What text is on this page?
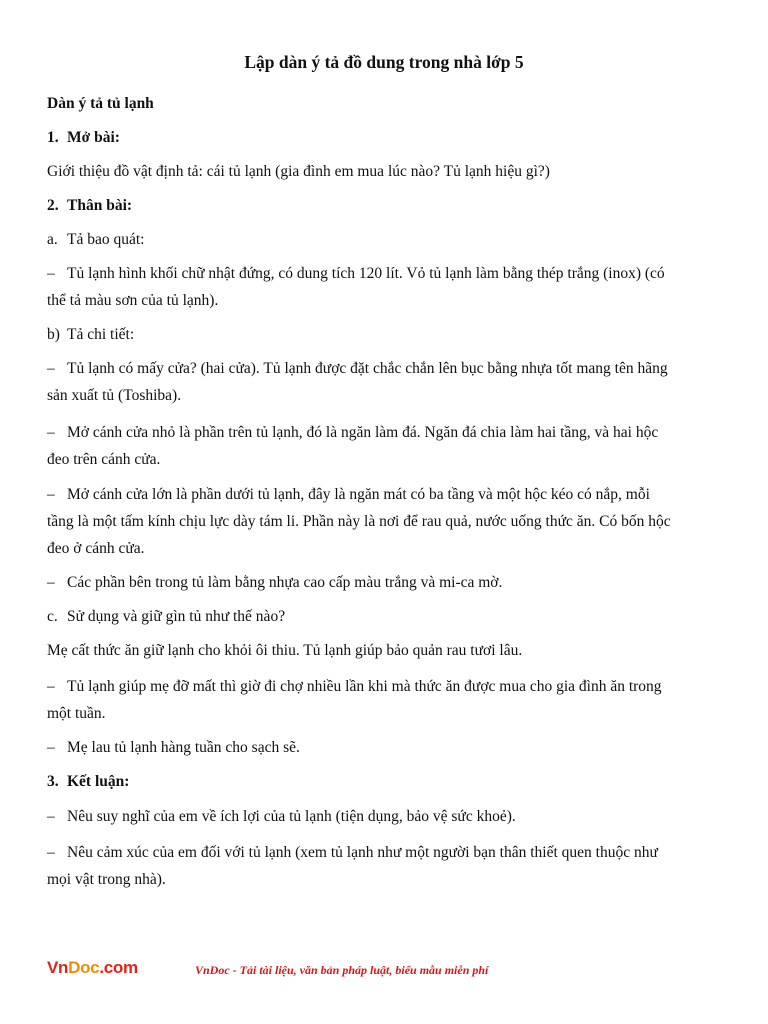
Lập dàn ý tả đồ dung trong nhà lớp 5

Dàn ý tả tủ lạnh

1. Mở bài:

Giới thiệu đồ vật định tả: cái tủ lạnh (gia đình em mua lúc nào? Tủ lạnh hiệu gì?)

2. Thân bài:

a. Tả bao quát:

– Tủ lạnh hình khối chữ nhật đứng, có dung tích 120 lít. Vỏ tủ lạnh làm bằng thép trắng (inox) (có

thể tả màu sơn của tủ lạnh).

b) Tả chi tiết:

– Tủ lạnh có mấy cửa? (hai cửa). Tủ lạnh được đặt chắc chắn lên bục bằng nhựa tốt mang tên hãng

sản xuất tủ (Toshiba).

– Mở cánh cửa nhỏ là phần trên tủ lạnh, đó là ngăn làm đá. Ngăn đá chia làm hai tầng, và hai hộc

đeo trên cánh cửa.

– Mở cánh cửa lớn là phần dưới tủ lạnh, đây là ngăn mát có ba tầng và một hộc kéo có nắp, mỗi

tầng là một tấm kính chịu lực dày tám li. Phần này là nơi để rau quả, nước uống thức ăn. Có bốn hộc

đeo ở cánh cửa.

– Các phần bên trong tủ làm bằng nhựa cao cấp màu trắng và mi-ca mờ.

c. Sử dụng và giữ gìn tủ như thế nào?

Mẹ cất thức ăn giữ lạnh cho khỏi ôi thiu. Tủ lạnh giúp bảo quản rau tươi lâu.

– Tủ lạnh giúp mẹ đỡ mất thì giờ đi chợ nhiều lần khi mà thức ăn được mua cho gia đình ăn trong

một tuần.

– Mẹ lau tủ lạnh hàng tuần cho sạch sẽ.

3. Kết luận:

– Nêu suy nghĩ của em về ích lợi của tủ lạnh (tiện dụng, bảo vệ sức khoẻ).

– Nêu cảm xúc của em đối với tủ lạnh (xem tủ lạnh như một người bạn thân thiết quen thuộc như

mọi vật trong nhà).

VnDoc.com	VnDoc - Tải tài liệu, văn bản pháp luật, biểu mẫu miễn phí
